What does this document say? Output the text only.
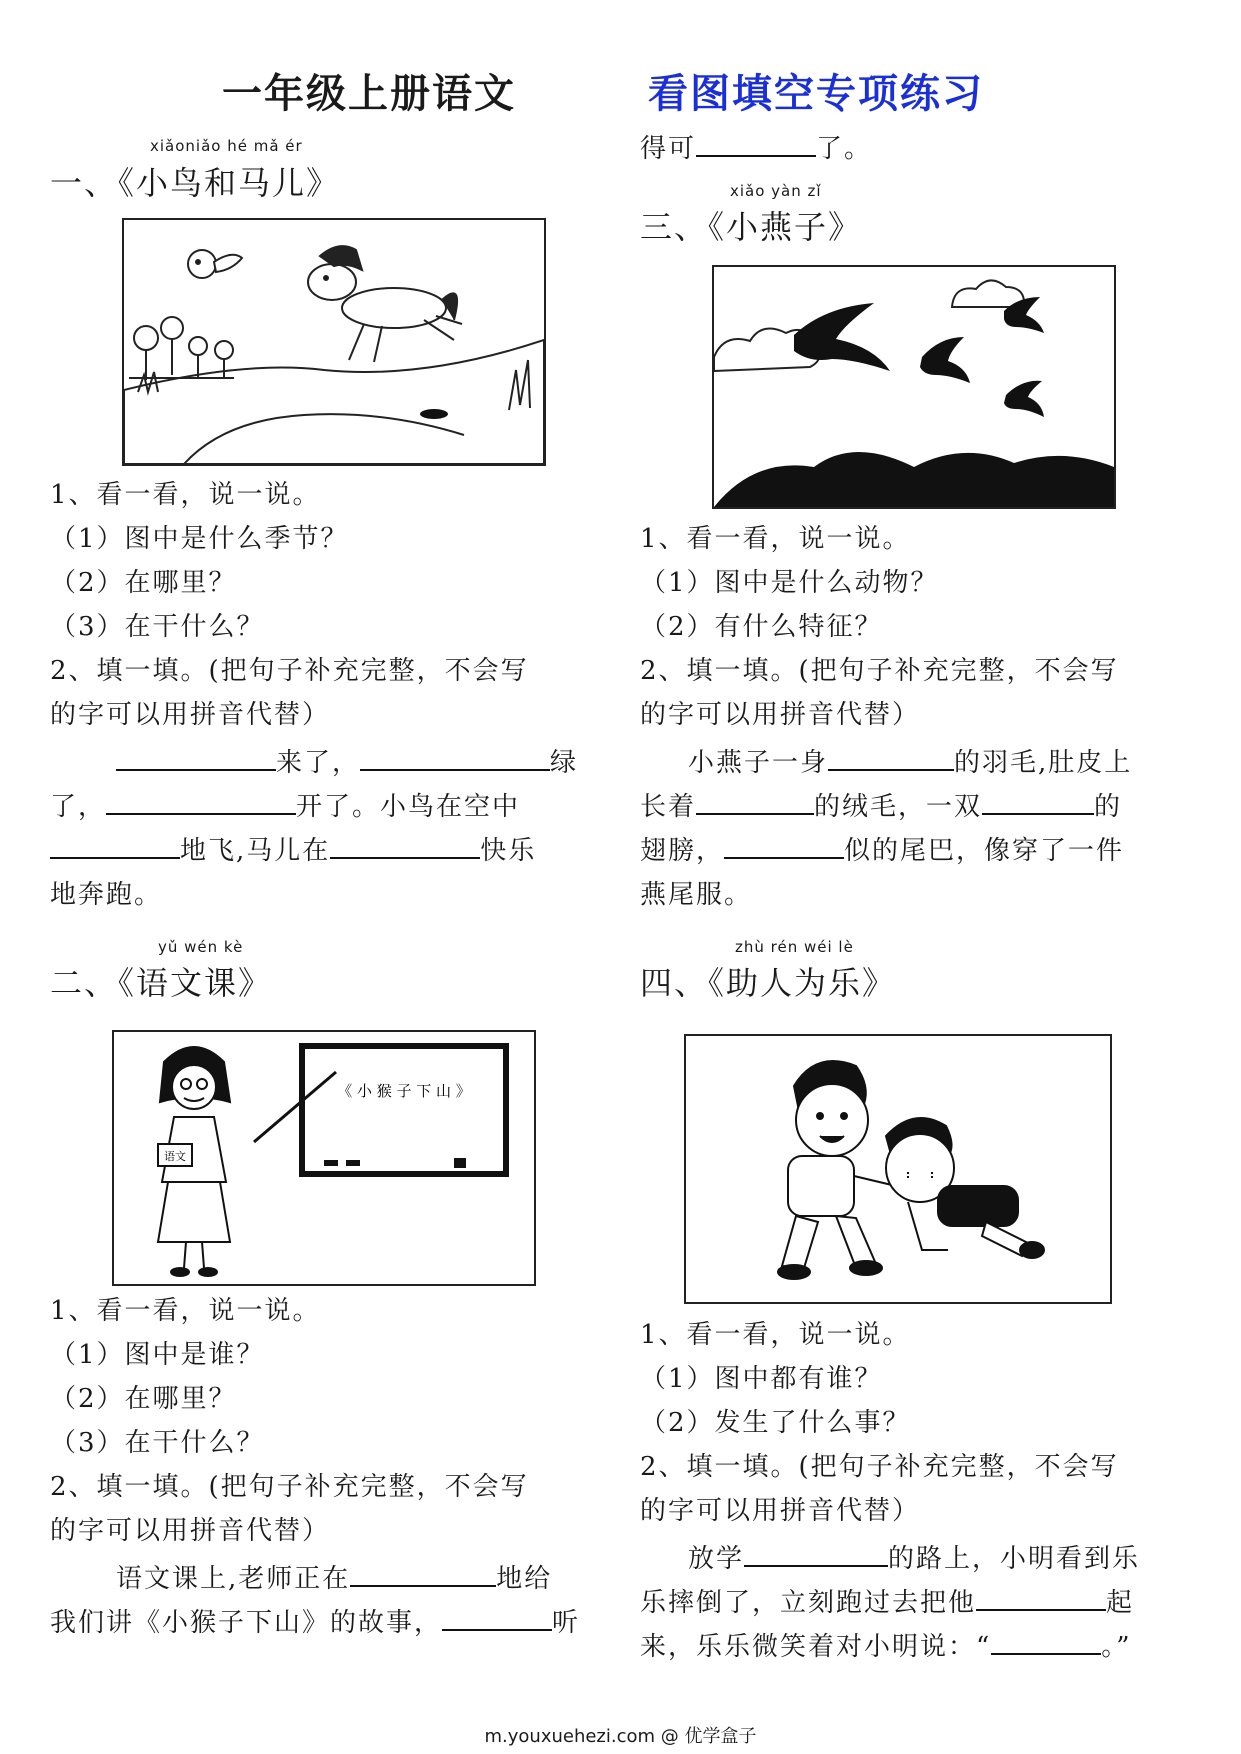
一年级上册语文	看图填空专项练习
xiǎoniǎo hé mǎ ér
一、《小鸟和马儿》
1、看一看，说一说。
（1）图中是什么季节？
（2）在哪里？
（3）在干什么？
2、填一填。(把句子补充完整，不会写
的字可以用拼音代替）
来了，	绿
了，	开了。小鸟在空中
地飞,马儿在	快乐
地奔跑。
yǔ wén kè
二、《语文课》
《 小 猴 子 下 山 》
语文
1、看一看，说一说。
（1）图中是谁？
（2）在哪里？
（3）在干什么？
2、填一填。(把句子补充完整，不会写
的字可以用拼音代替）
语文课上,老师正在	地给
我们讲《小猴子下山》的故事，	听
得可	了。
xiǎo yàn zǐ
三、《小燕子》
1、看一看，说一说。
（1）图中是什么动物？
（2）有什么特征？
2、填一填。(把句子补充完整，不会写
的字可以用拼音代替）
小燕子一身	的羽毛,肚皮上
长着	的绒毛，一双	的
翅膀，	似的尾巴，像穿了一件
燕尾服。
zhù rén wéi lè
四、《助人为乐》
1、看一看，说一说。
（1）图中都有谁？
（2）发生了什么事？
2、填一填。(把句子补充完整，不会写
的字可以用拼音代替）
放学	的路上，小明看到乐
乐摔倒了，立刻跑过去把他	起
来，乐乐微笑着对小明说：“	。”
m.youxuehezi.com @ 优学盒子
